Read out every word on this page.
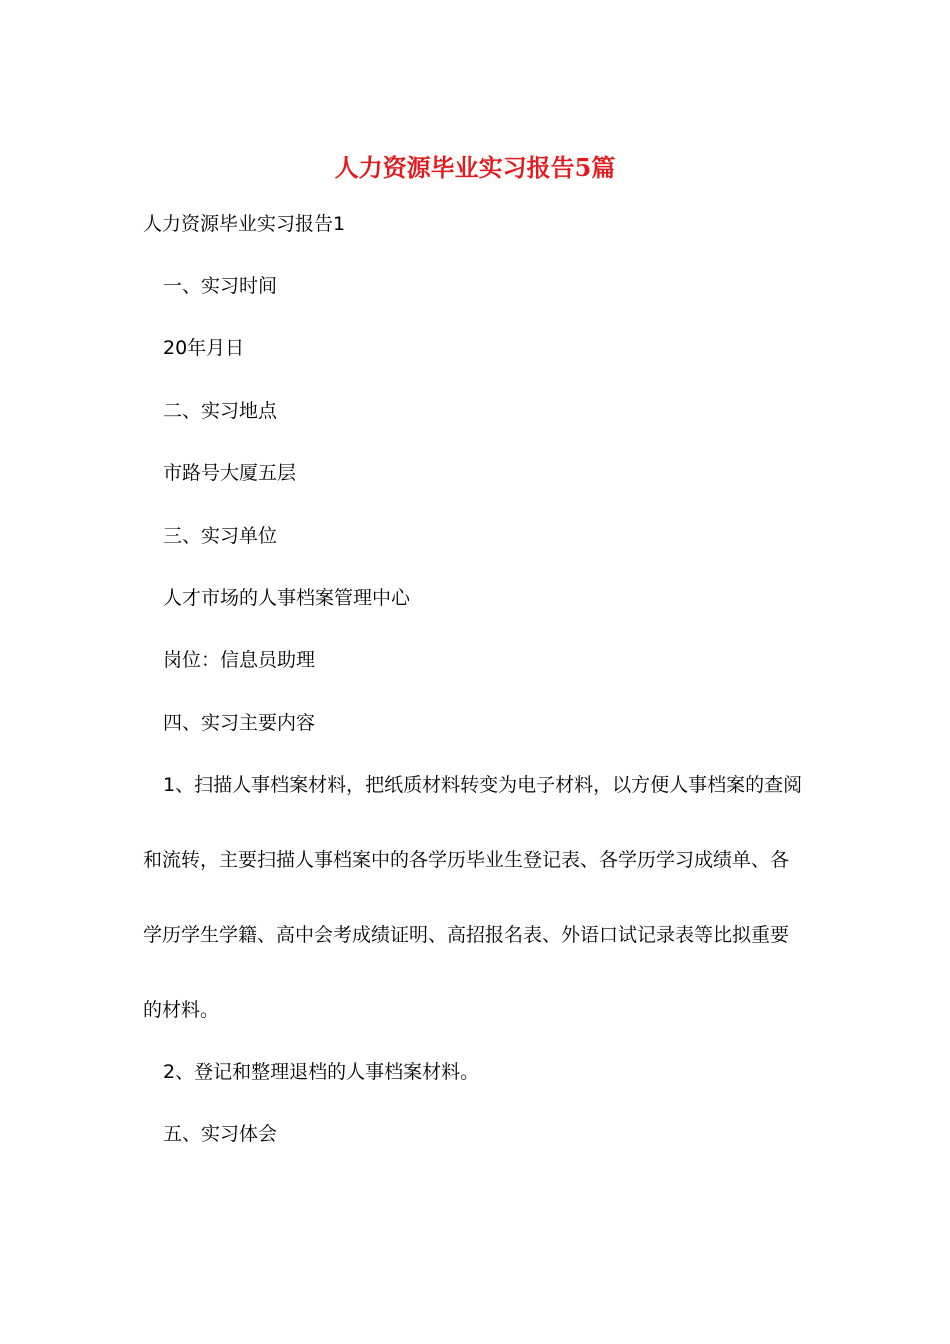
人力资源毕业实习报告5篇

人力资源毕业实习报告1

一、实习时间

20年月日

二、实习地点

市路号大厦五层

三、实习单位

人才市场的人事档案管理中心

岗位：信息员助理

四、实习主要内容

1、扫描人事档案材料，把纸质材料转变为电子材料，以方便人事档案的查阅

和流转，主要扫描人事档案中的各学历毕业生登记表、各学历学习成绩单、各

学历学生学籍、高中会考成绩证明、高招报名表、外语口试记录表等比拟重要

的材料。

2、登记和整理退档的人事档案材料。

五、实习体会
